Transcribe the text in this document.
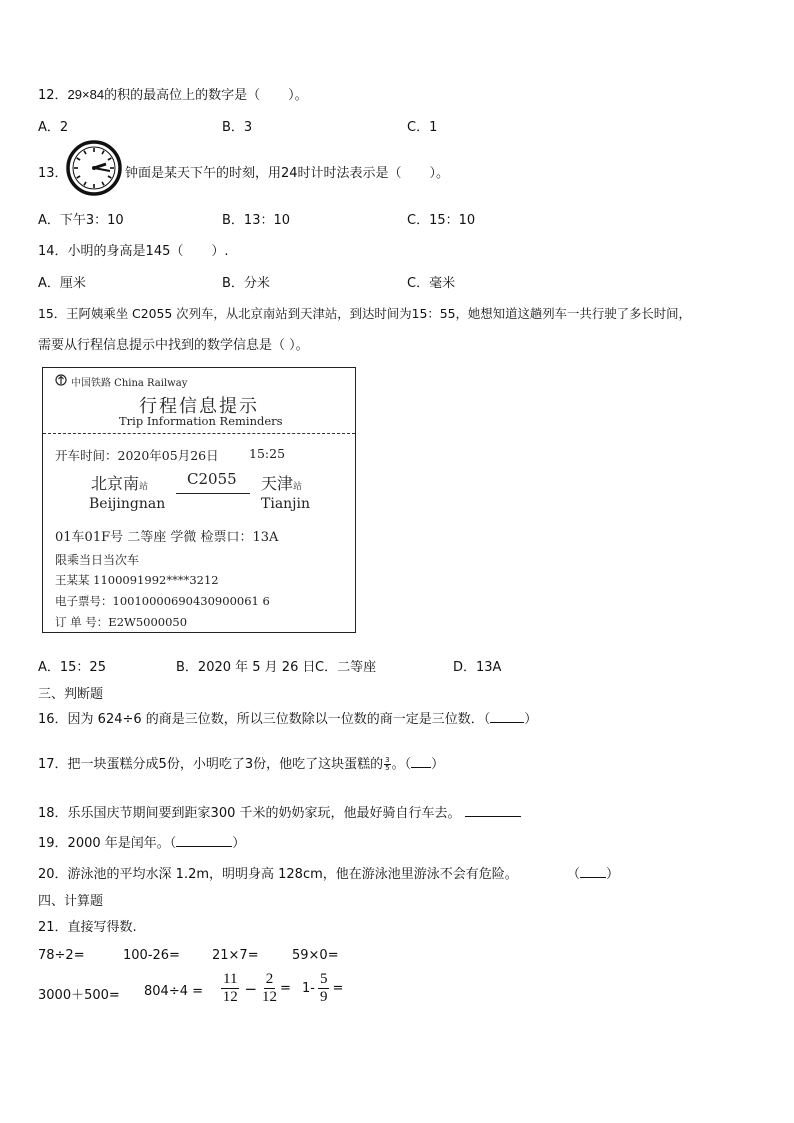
12．29×84的积的最高位上的数字是（ ）。
A．2	B．3	C．1
13．	钟面是某天下午的时刻，用24时计时法表示是（ ）。
A．下午3：10	B．13：10	C．15：10
14．小明的身高是145（ ）.
A．厘米	B．分米	C．毫米
15．王阿姨乘坐 C2055 次列车，从北京南站到天津站，到达时间为15：55，她想知道这趟列车一共行驶了多长时间，
需要从行程信息提示中找到的数学信息是（ ）。
中国铁路 China Railway
行程信息提示
Trip Information Reminders
开车时间：2020年05月26日 15:25
北京南站	C2055 天津站
Beijingnan	Tianjin
01车01F号 二等座 学微 检票口：13A
限乘当日当次车
王某某 1100091992****3212
电子票号：10010000690430900061 6
订 单 号：E2W5000050
A．15：25	B．2020 年 5 月 26 日 C．二等座	D．13A
三、判断题
16．因为 624÷6 的商是三位数，所以三位数除以一位数的商一定是三位数．（	）
17．把一块蛋糕分成5份，小明吃了3份，他吃了这块蛋糕的 $\frac{3}{5}$ 。（ ）
18．乐乐国庆节期间要到距家300 千米的奶奶家玩，他最好骑自行车去。
19．2000 年是闰年。（	）
20．游泳池的平均水深 1.2m，明明身高 128cm，他在游泳池里游泳不会有危险。	（ ）
四、计算题
21．直接写得数.
78÷2=	100-26= 21×7=	59×0=
$3000+500= 804\div 4 = \frac{11}{12} - \frac{2}{12} = 1- \frac{5}{9}$ =
